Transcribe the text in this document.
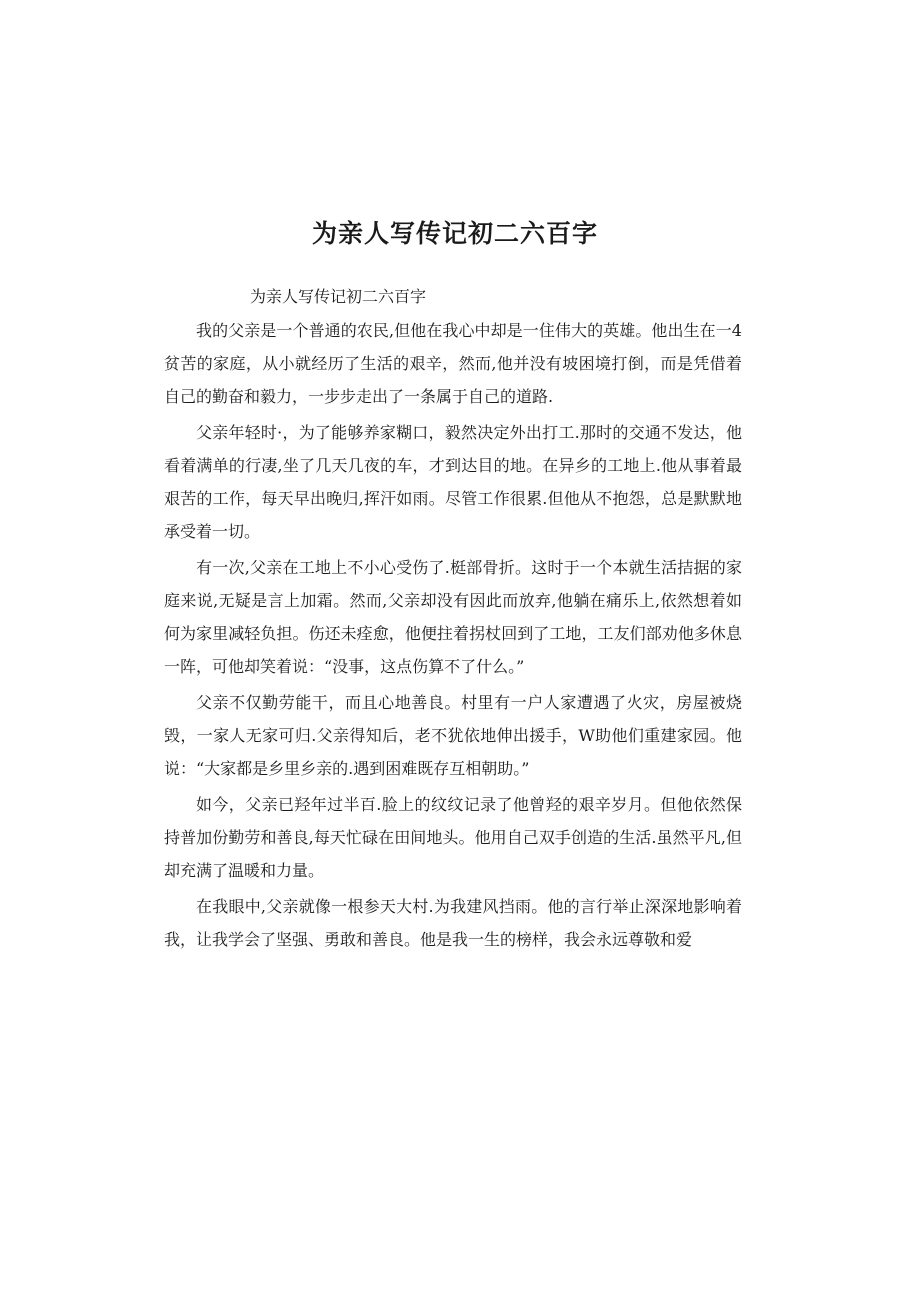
为亲人写传记初二六百字

为亲人写传记初二六百字

我的父亲是一个普通的农民,但他在我心中却是一住伟大的英雄。他出生在一4贫苦的家庭，从小就经历了生活的艰辛，然而,他并没有坡困境打倒，而是凭借着自己的勤奋和毅力，一步步走出了一条属于自己的道路.

父亲年轻时·，为了能够养家糊口，毅然决定外出打工.那时的交通不发达，他看着满单的行凄,坐了几天几夜的车，才到达目的地。在异乡的工地上.他从事着最艰苦的工作，每天早出晚归,挥汗如雨。尽管工作很累.但他从不抱怨，总是默默地承受着一切。

有一次,父亲在工地上不小心受伤了.梃部骨折。这时于一个本就生活拮据的家庭来说,无疑是言上加霜。然而,父亲却没有因此而放弃,他躺在痛乐上,依然想着如何为家里减轻负担。伤还未痊愈，他便拄着拐杖回到了工地，工友们部劝他多休息一阵，可他却笑着说：“没事，这点伤算不了什么。”

父亲不仅勤劳能干，而且心地善良。村里有一户人家遭遇了火灾，房屋被烧毁，一家人无家可归.父亲得知后，老不犹依地伸出援手，W助他们重建家园。他说：“大家都是乡里乡亲的.遇到困难既存互相朝助。”

如今，父亲已羟年过半百.脸上的纹纹记录了他曾羟的艰辛岁月。但他依然保持普加份勤劳和善良,每天忙碌在田间地头。他用自己双手创造的生活.虽然平凡,但却充满了温暖和力量。

在我眼中,父亲就像一根参天大村.为我建风挡雨。他的言行举止深深地影响着我，让我学会了坚强、勇敢和善良。他是我一生的榜样，我会永远尊敬和爱
